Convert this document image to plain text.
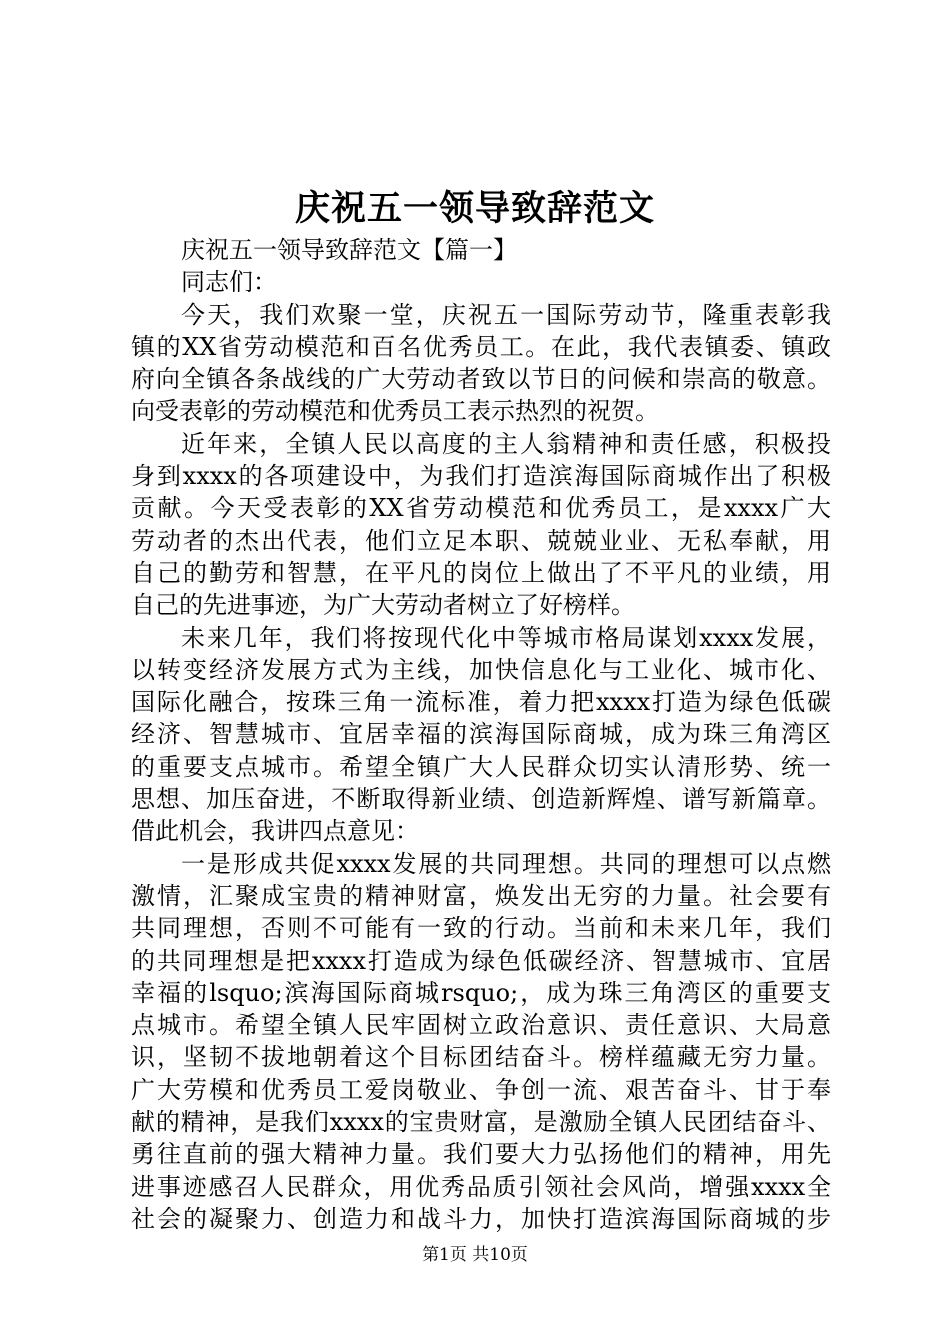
庆祝五一领导致辞范文
庆祝五一领导致辞范文【篇一】
同志们：
今天，我们欢聚一堂，庆祝五一国际劳动节，隆重表彰我
镇的XX省劳动模范和百名优秀员工。在此，我代表镇委、镇政
府向全镇各条战线的广大劳动者致以节日的问候和崇高的敬意。
向受表彰的劳动模范和优秀员工表示热烈的祝贺。
近年来，全镇人民以高度的主人翁精神和责任感，积极投
身到xxxx的各项建设中，为我们打造滨海国际商城作出了积极
贡献。今天受表彰的XX省劳动模范和优秀员工，是xxxx广大
劳动者的杰出代表，他们立足本职、兢兢业业、无私奉献，用
自己的勤劳和智慧，在平凡的岗位上做出了不平凡的业绩，用
自己的先进事迹，为广大劳动者树立了好榜样。
未来几年，我们将按现代化中等城市格局谋划xxxx发展，
以转变经济发展方式为主线，加快信息化与工业化、城市化、
国际化融合，按珠三角一流标准，着力把xxxx打造为绿色低碳
经济、智慧城市、宜居幸福的滨海国际商城，成为珠三角湾区
的重要支点城市。希望全镇广大人民群众切实认清形势、统一
思想、加压奋进，不断取得新业绩、创造新辉煌、谱写新篇章。
借此机会，我讲四点意见：
一是形成共促xxxx发展的共同理想。共同的理想可以点燃
激情，汇聚成宝贵的精神财富，焕发出无穷的力量。社会要有
共同理想，否则不可能有一致的行动。当前和未来几年，我们
的共同理想是把xxxx打造成为绿色低碳经济、智慧城市、宜居
幸福的lsquo;滨海国际商城rsquo;，成为珠三角湾区的重要支
点城市。希望全镇人民牢固树立政治意识、责任意识、大局意
识，坚韧不拔地朝着这个目标团结奋斗。榜样蕴藏无穷力量。
广大劳模和优秀员工爱岗敬业、争创一流、艰苦奋斗、甘于奉
献的精神，是我们xxxx的宝贵财富，是激励全镇人民团结奋斗、
勇往直前的强大精神力量。我们要大力弘扬他们的精神，用先
进事迹感召人民群众，用优秀品质引领社会风尚，增强xxxx全
社会的凝聚力、创造力和战斗力，加快打造滨海国际商城的步
第1页 共10页
